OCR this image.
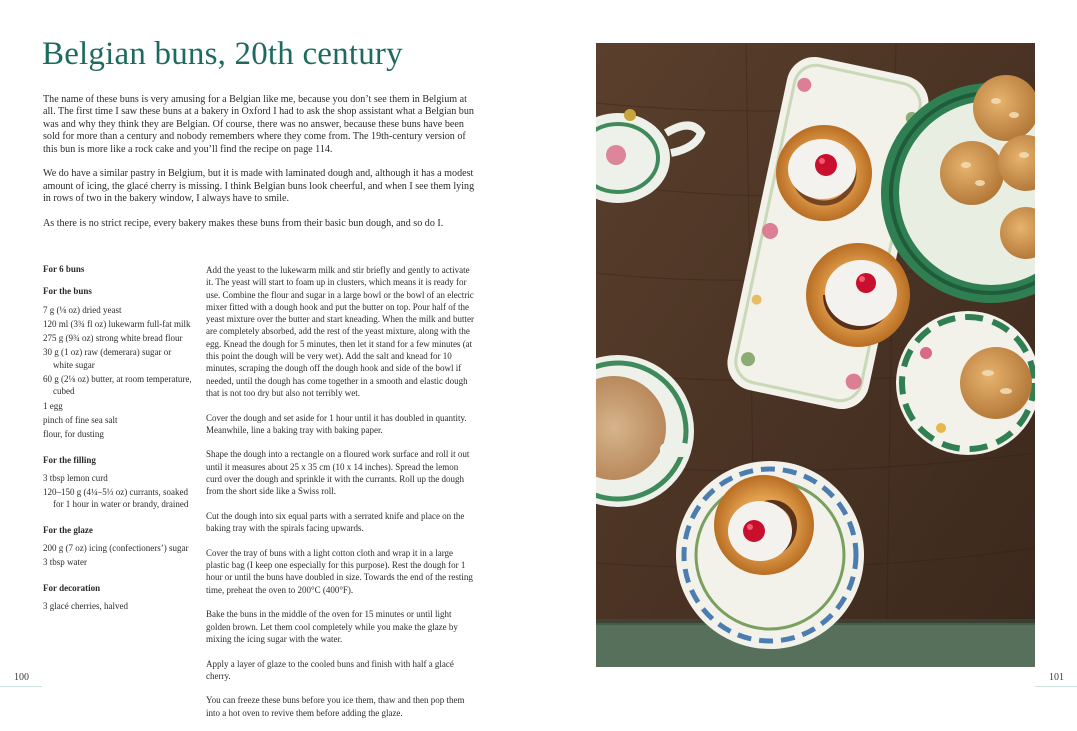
Belgian buns, 20th century

The name of these buns is very amusing for a Belgian like me, because you don’t see them in Belgium at all. The first time I saw these buns at a bakery in Oxford I had to ask the shop assistant what a Belgian bun was and why they think they are Belgian. Of course, there was no answer, because these buns have been sold for more than a century and nobody remembers where they come from. The 19th-century version of this bun is more like a rock cake and you’ll find the recipe on page 114.

We do have a similar pastry in Belgium, but it is made with laminated dough and, although it has a modest amount of icing, the glacé cherry is missing. I think Belgian buns look cheerful, and when I see them lying in rows of two in the bakery window, I always have to smile.

As there is no strict recipe, every bakery makes these buns from their basic bun dough, and so do I.

For 6 buns
For the buns
7 g (⅛ oz) dried yeast
120 ml (3¾ fl oz) lukewarm full-fat milk
275 g (9¾ oz) strong white bread flour
30 g (1 oz) raw (demerara) sugar or white sugar
60 g (2⅛ oz) butter, at room temperature, cubed
1 egg
pinch of fine sea salt
flour, for dusting
For the filling
3 tbsp lemon curd
120–150 g (4¼–5⅓ oz) currants, soaked for 1 hour in water or brandy, drained
For the glaze
200 g (7 oz) icing (confectioners’) sugar
3 tbsp water
For decoration
3 glacé cherries, halved

Add the yeast to the lukewarm milk and stir briefly and gently to activate it. The yeast will start to foam up in clusters, which means it is ready for use. Combine the flour and sugar in a large bowl or the bowl of an electric mixer fitted with a dough hook and put the butter on top. Pour half of the yeast mixture over the butter and start kneading. When the milk and butter are completely absorbed, add the rest of the yeast mixture, along with the egg. Knead the dough for 5 minutes, then let it stand for a few minutes (at this point the dough will be very wet). Add the salt and knead for 10 minutes, scraping the dough off the dough hook and side of the bowl if needed, until the dough has come together in a smooth and elastic dough that is not too dry but also not terribly wet.

Cover the dough and set aside for 1 hour until it has doubled in quantity. Meanwhile, line a baking tray with baking paper.

Shape the dough into a rectangle on a floured work surface and roll it out until it measures about 25 x 35 cm (10 x 14 inches). Spread the lemon curd over the dough and sprinkle it with the currants. Roll up the dough from the short side like a Swiss roll.

Cut the dough into six equal parts with a serrated knife and place on the baking tray with the spirals facing upwards.

Cover the tray of buns with a light cotton cloth and wrap it in a large plastic bag (I keep one especially for this purpose). Rest the dough for 1 hour or until the buns have doubled in size. Towards the end of the resting time, preheat the oven to 200°C (400°F).

Bake the buns in the middle of the oven for 15 minutes or until light golden brown. Let them cool completely while you make the glaze by mixing the icing sugar with the water.

Apply a layer of glaze to the cooled buns and finish with half a glacé cherry.

You can freeze these buns before you ice them, thaw and then pop them into a hot oven to revive them before adding the glaze.

100	101
